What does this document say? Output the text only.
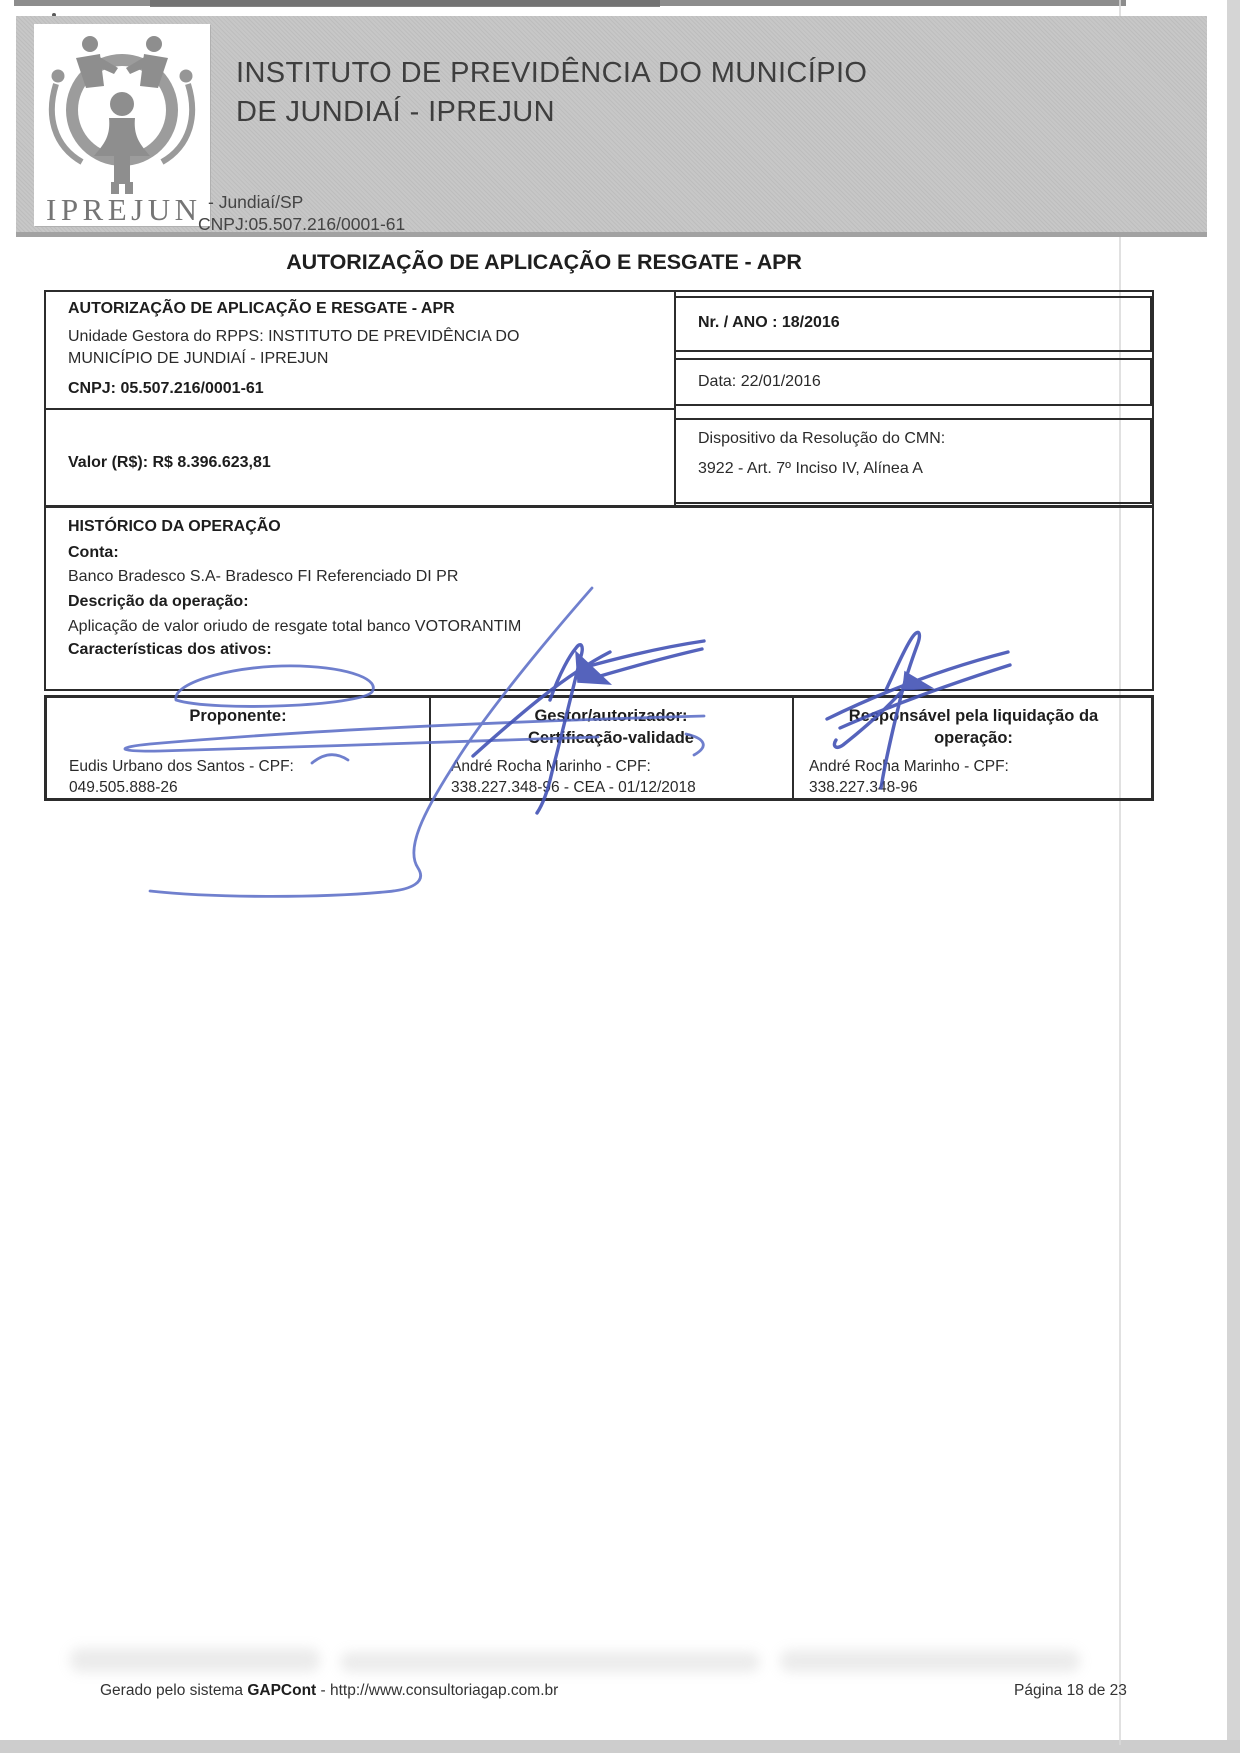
IPREJUN
INSTITUTO DE PREVIDÊNCIA DO MUNICÍPIO
DE JUNDIAÍ - IPREJUN
- Jundiaí/SP
CNPJ:05.507.216/0001-61
AUTORIZAÇÃO DE APLICAÇÃO E RESGATE - APR
Nr. / ANO : 18/2016
Data: 22/01/2016
Dispositivo da Resolução do CMN:
3922 - Art. 7º Inciso IV, Alínea A
AUTORIZAÇÃO DE APLICAÇÃO E RESGATE - APR
Unidade Gestora do RPPS: INSTITUTO DE PREVIDÊNCIA DO MUNICÍPIO DE JUNDIAÍ - IPREJUN
CNPJ: 05.507.216/0001-61
Valor (R$): R$ 8.396.623,81
HISTÓRICO DA OPERAÇÃO
Conta:
Banco Bradesco S.A- Bradesco FI Referenciado DI PR
Descrição da operação:
Aplicação de valor oriudo de resgate total banco VOTORANTIM
Características dos ativos:
Proponente:
Eudis Urbano dos Santos - CPF:
049.505.888-26
Gestor/autorizador:
Certificação-validade
André Rocha Marinho - CPF:
338.227.348-96 - CEA - 01/12/2018
Responsável pela liquidação da
operação:
André Rocha Marinho - CPF:
338.227.348-96
Gerado pelo sistema GAPCont - http://www.consultoriagap.com.br	Página 18 de 23
